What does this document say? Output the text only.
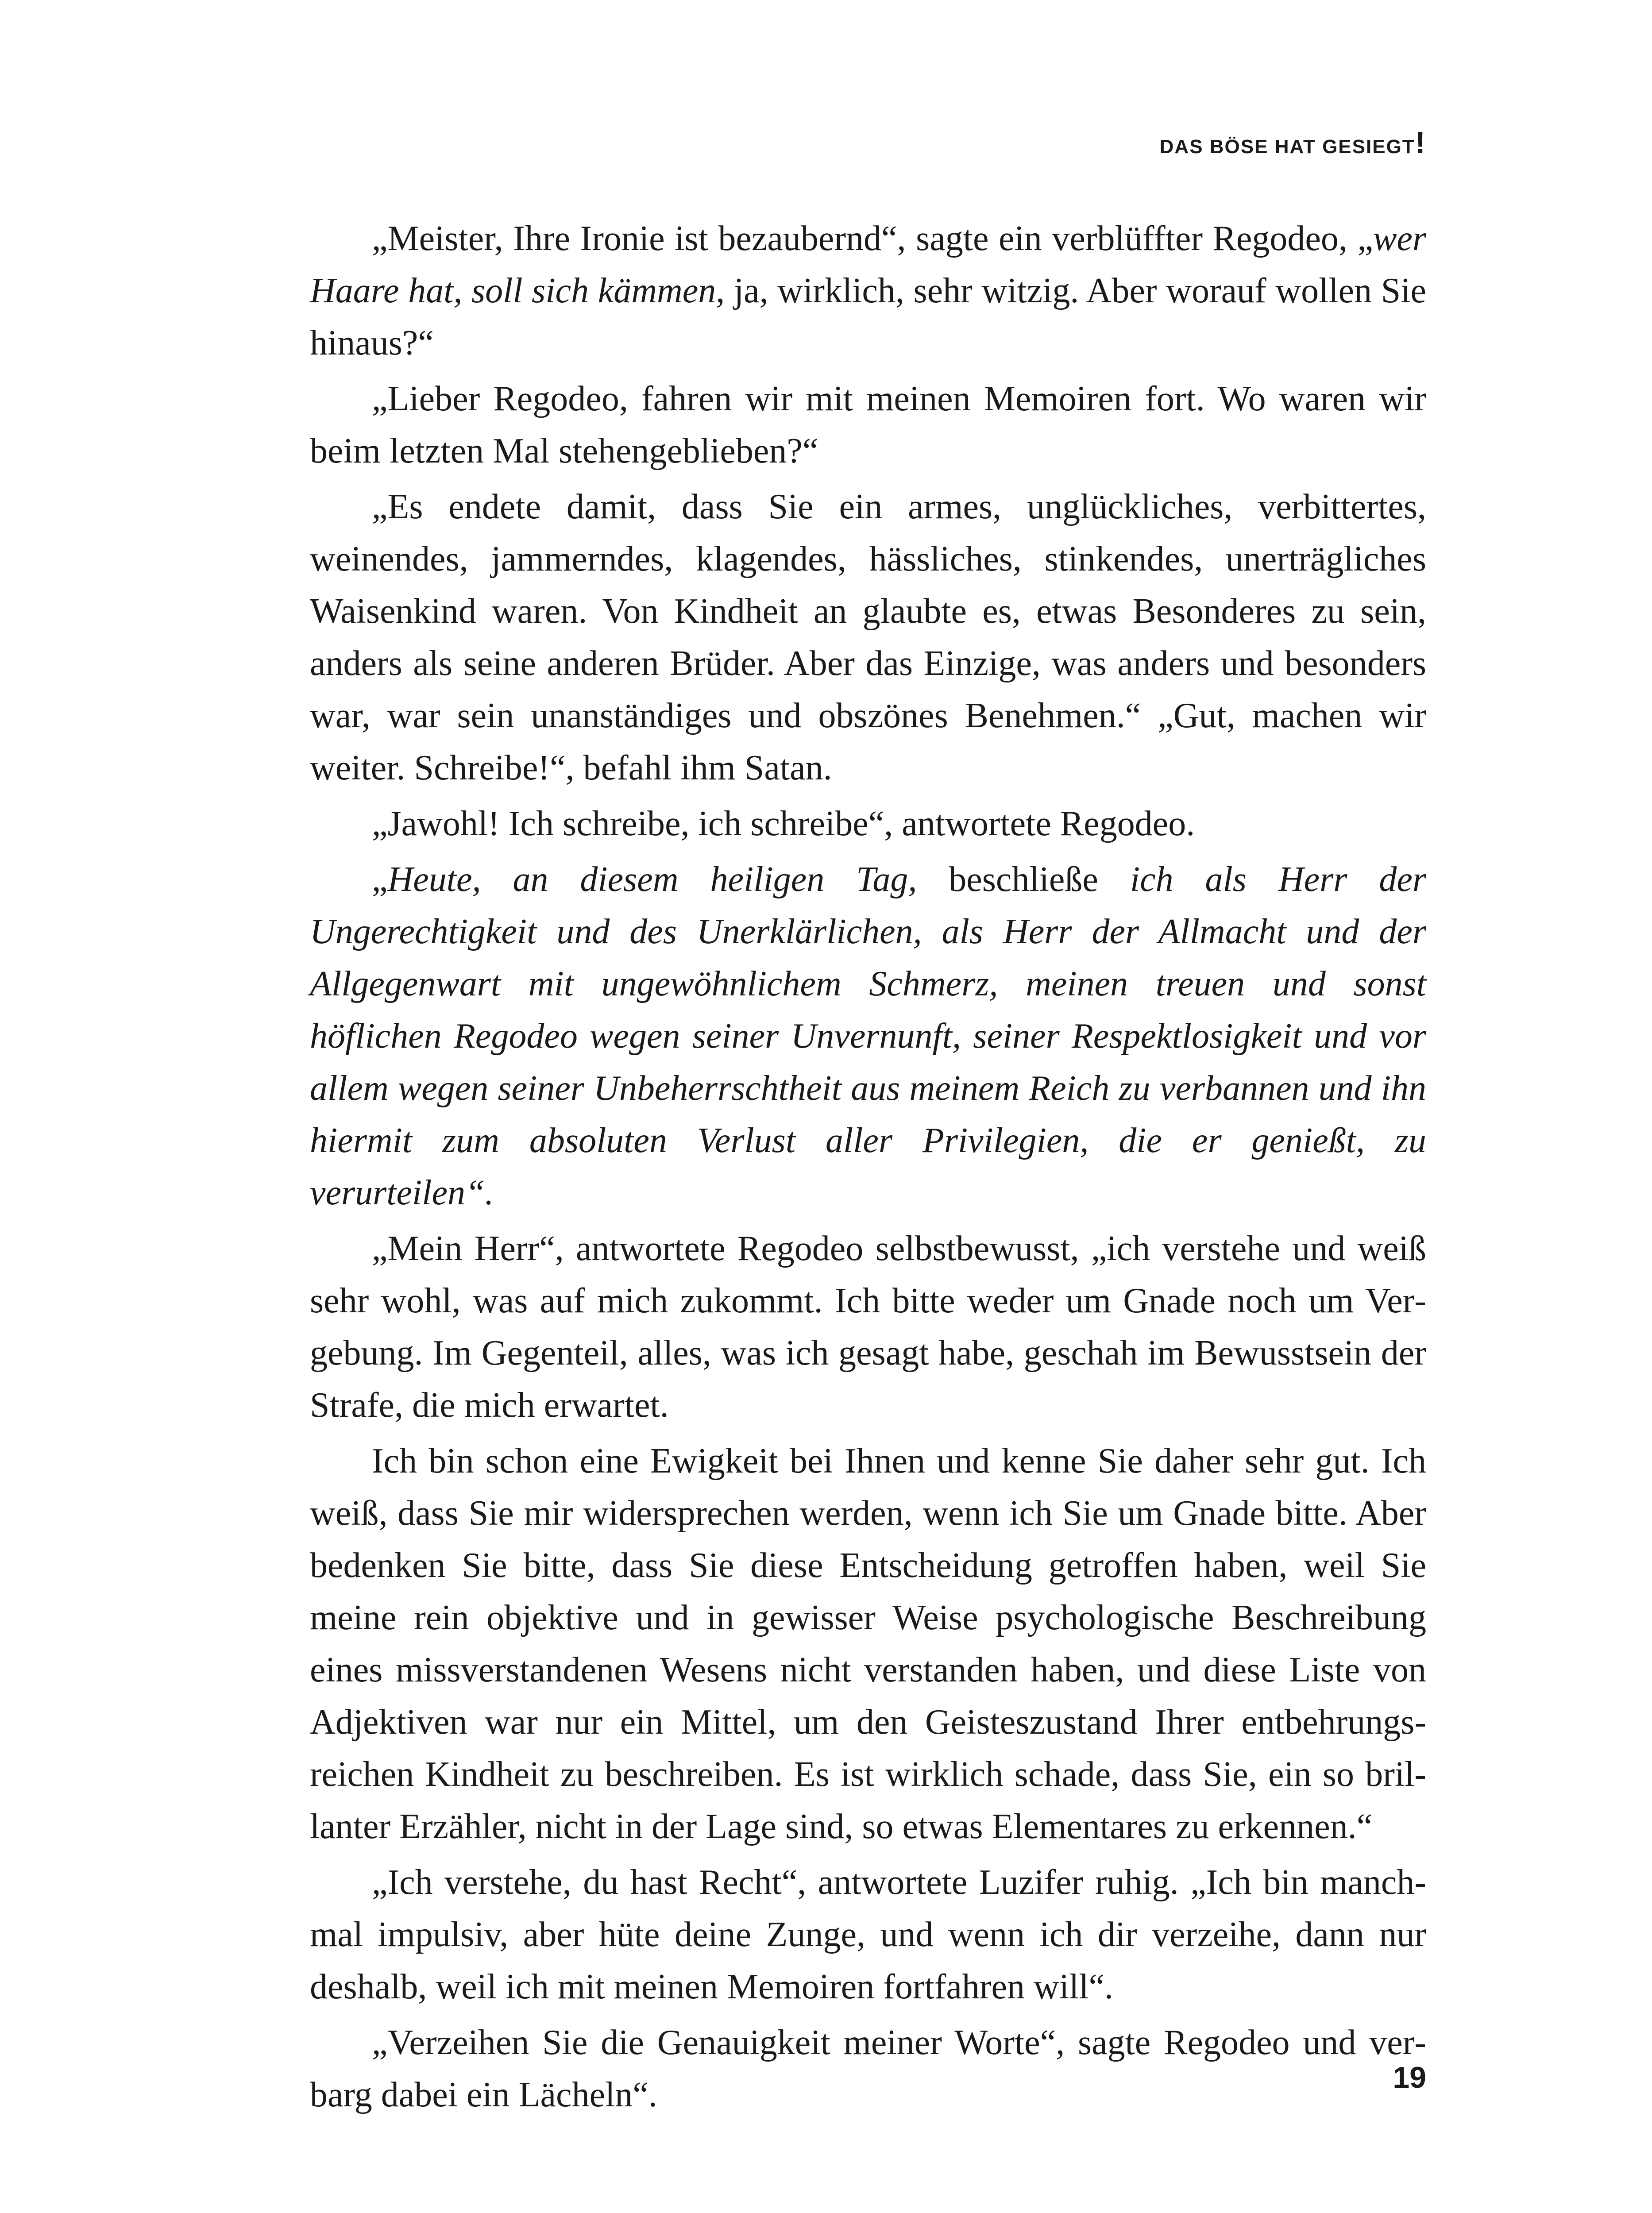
DAS BÖSE HAT GESIEGT!

„Meister, Ihre Ironie ist bezaubernd“, sagte ein verblüffter Regodeo, „wer Haare hat, soll sich kämmen, ja, wirklich, sehr witzig. Aber worauf wollen Sie hinaus?“

„Lieber Regodeo, fahren wir mit meinen Memoiren fort. Wo waren wir beim letzten Mal stehengeblieben?“

„Es endete damit, dass Sie ein armes, unglückliches, verbittertes, weinendes, jammerndes, klagendes, hässliches, stinkendes, unerträgliches Waisenkind waren. Von Kindheit an glaubte es, etwas Besonderes zu sein, anders als seine anderen Brüder. Aber das Einzige, was anders und besonders war, war sein unanständiges und obszönes Benehmen.“ „Gut, machen wir weiter. Schreibe!“, befahl ihm Satan.

„Jawohl! Ich schreibe, ich schreibe“, antwortete Regodeo.

„Heute, an diesem heiligen Tag, beschließe ich als Herr der Ungerechtigkeit und des Unerklärlichen, als Herr der Allmacht und der Allgegenwart mit ungewöhnlichem Schmerz, meinen treuen und sonst höflichen Regodeo wegen seiner Unvernunft, seiner Respektlosigkeit und vor allem wegen seiner Unbeherrschtheit aus meinem Reich zu verbannen und ihn hiermit zum absoluten Verlust aller Privilegien, die er genießt, zu verurteilen“.

„Mein Herr“, antwortete Regodeo selbstbewusst, „ich verstehe und weiß sehr wohl, was auf mich zukommt. Ich bitte weder um Gnade noch um Vergebung. Im Gegenteil, alles, was ich gesagt habe, geschah im Bewusstsein der Strafe, die mich erwartet.

Ich bin schon eine Ewigkeit bei Ihnen und kenne Sie daher sehr gut. Ich weiß, dass Sie mir widersprechen werden, wenn ich Sie um Gnade bitte. Aber bedenken Sie bitte, dass Sie diese Entscheidung getroffen haben, weil Sie meine rein objektive und in gewisser Weise psychologische Beschreibung eines missverstandenen Wesens nicht verstanden haben, und diese Liste von Adjektiven war nur ein Mittel, um den Geisteszustand Ihrer entbehrungsreichen Kindheit zu beschreiben. Es ist wirklich schade, dass Sie, ein so brillanter Erzähler, nicht in der Lage sind, so etwas Elementares zu erkennen.“

„Ich verstehe, du hast Recht“, antwortete Luzifer ruhig. „Ich bin manchmal impulsiv, aber hüte deine Zunge, und wenn ich dir verzeihe, dann nur deshalb, weil ich mit meinen Memoiren fortfahren will“.

„Verzeihen Sie die Genauigkeit meiner Worte“, sagte Regodeo und verbarg dabei ein Lächeln“.	19
